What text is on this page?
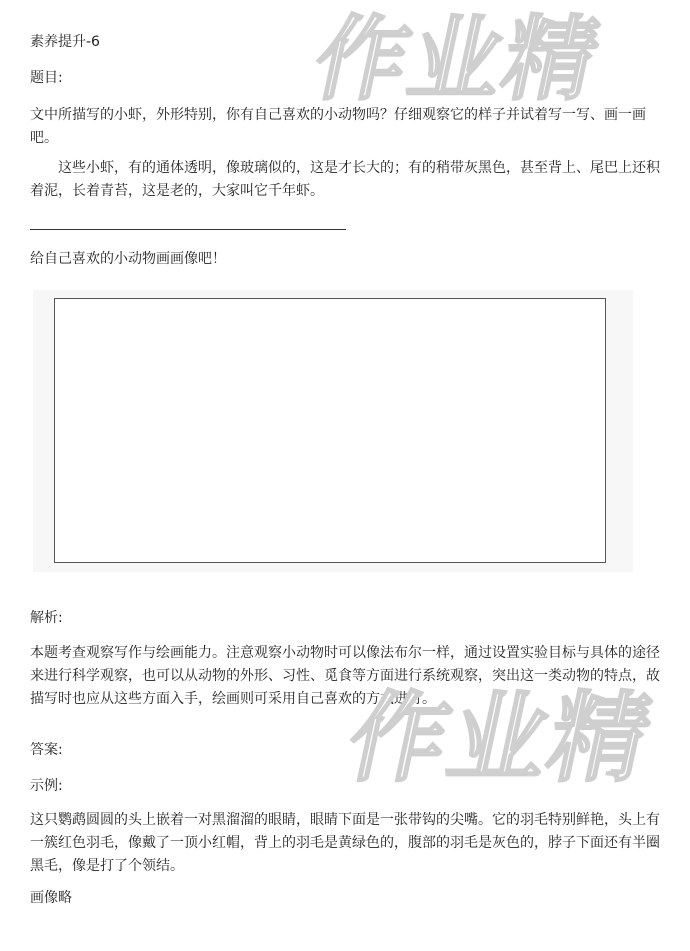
作业精
作业精
素养提升-6
题目:
文中所描写的小虾，外形特别，你有自己喜欢的小动物吗？仔细观察它的样子并试着写一写、画一画吧。
这些小虾，有的通体透明，像玻璃似的，这是才长大的；有的稍带灰黑色，甚至背上、尾巴上还积着泥，长着青苔，这是老的，大家叫它千年虾。
给自己喜欢的小动物画画像吧！
解析:
本题考查观察写作与绘画能力。注意观察小动物时可以像法布尔一样，通过设置实验目标与具体的途径来进行科学观察，也可以从动物的外形、习性、觅食等方面进行系统观察，突出这一类动物的特点，故描写时也应从这些方面入手，绘画则可采用自己喜欢的方式进行。
答案:
示例:
这只鹦鹉圆圆的头上嵌着一对黑溜溜的眼睛，眼睛下面是一张带钩的尖嘴。它的羽毛特别鲜艳，头上有一簇红色羽毛，像戴了一顶小红帽，背上的羽毛是黄绿色的，腹部的羽毛是灰色的，脖子下面还有半圈黑毛，像是打了个领结。
画像略
